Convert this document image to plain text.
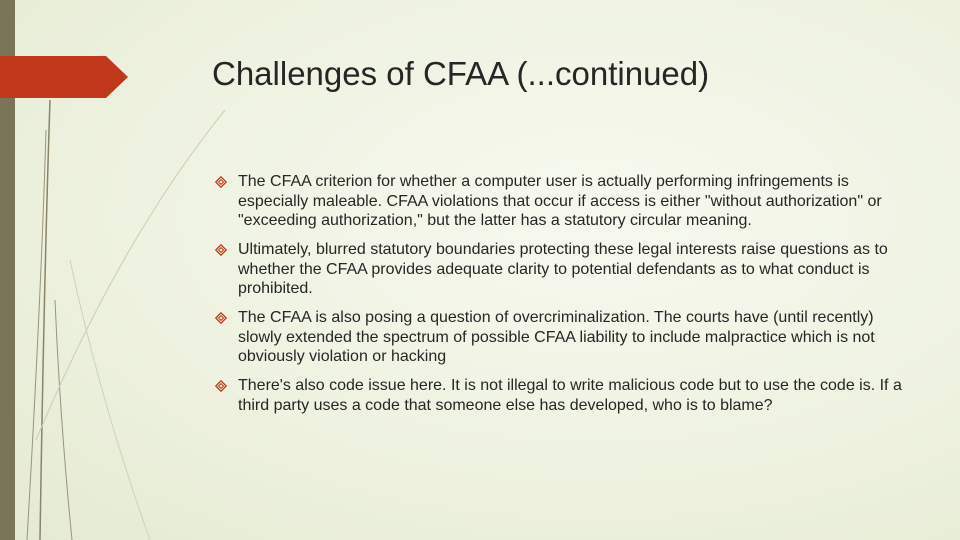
Challenges of CFAA (...continued)
The CFAA criterion for whether a computer user is actually performing infringements is especially maleable. CFAA violations that occur if access is either "without authorization" or "exceeding authorization," but the latter has a statutory circular meaning.
Ultimately, blurred statutory boundaries protecting these legal interests raise questions as to whether the CFAA provides adequate clarity to potential defendants as to what conduct is prohibited.
The CFAA is also posing a question of overcriminalization. The courts have (until recently) slowly extended the spectrum of possible CFAA liability to include malpractice which is not obviously violation or hacking
There's also code issue here. It is not illegal to write malicious code but to use the code is. If a third party uses a code that someone else has developed, who is to blame?
